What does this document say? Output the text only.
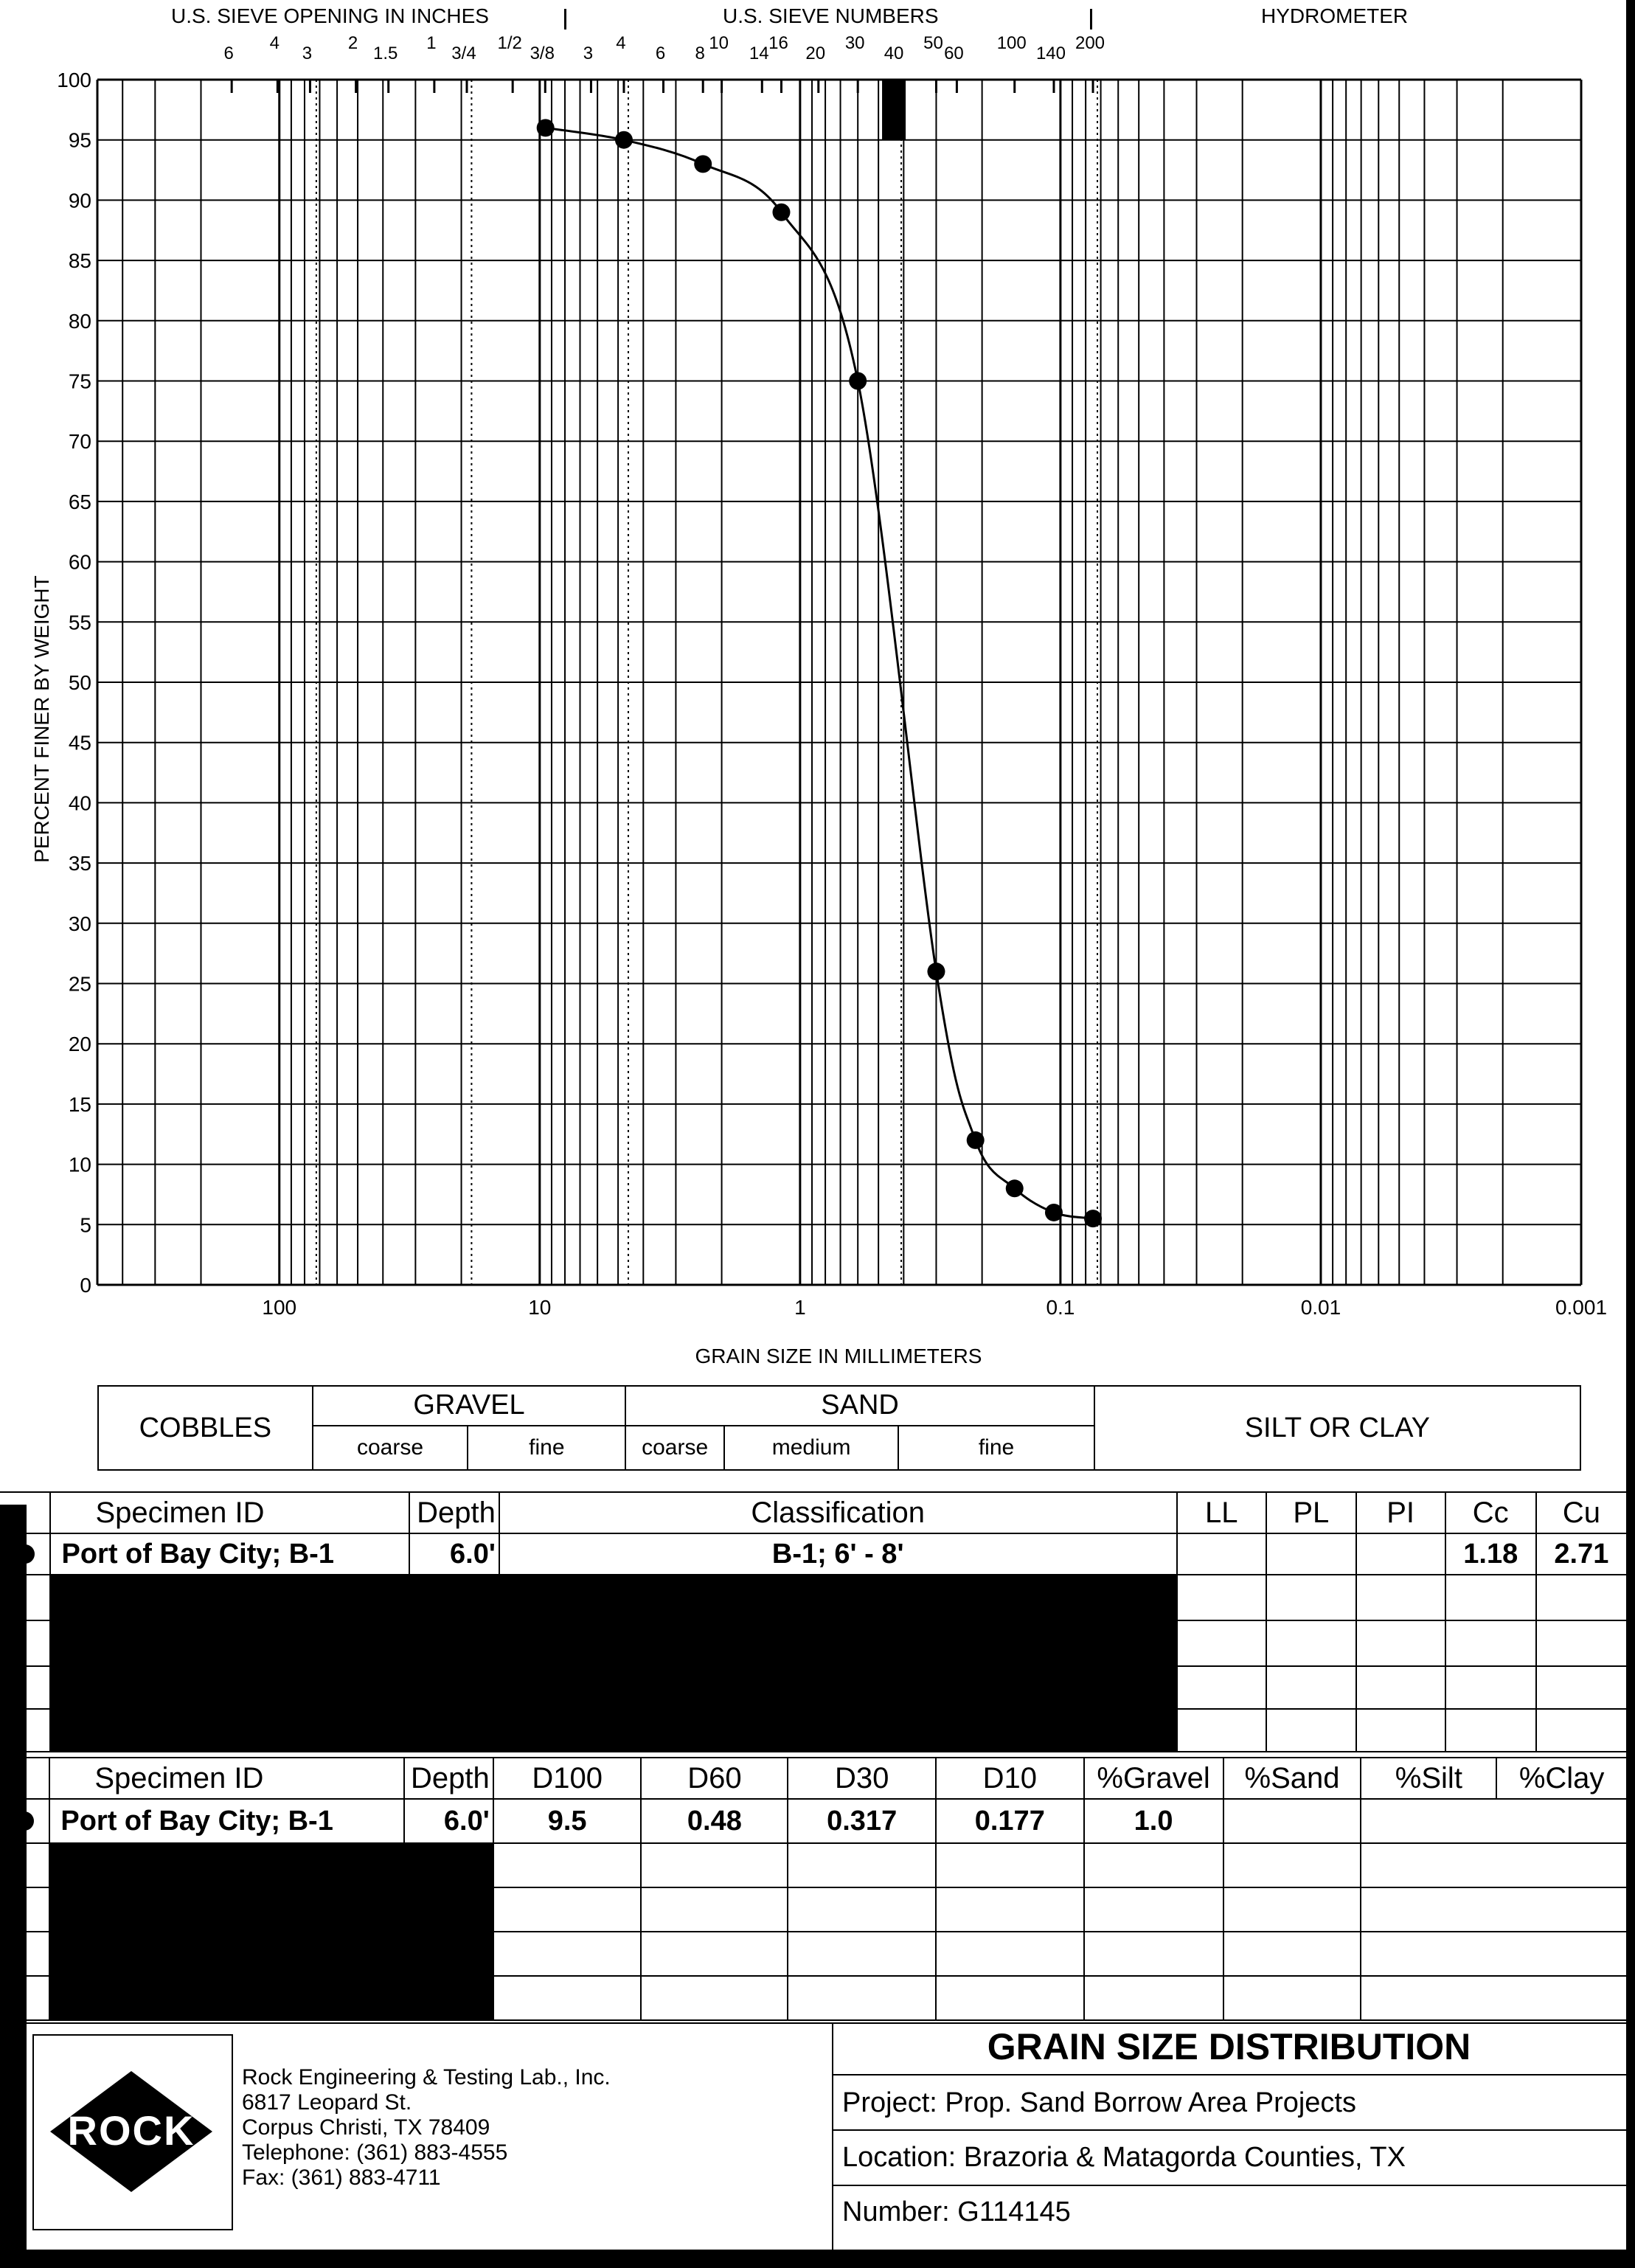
U.S. SIEVE OPENING IN INCHES	U.S. SIEVE NUMBERS	HYDROMETER
100
95
90
85
80
75
70
65
60
55
50
45
40
35
30
25
20
15
10
5
0
100	10	1	0.1	0.01	0.001
6
4
3
2
1.5
1
3/4
1/2
3/8 3
4
6 8
10
14
16
20
30
40
50
60
100
140
200
PERCENT FINER BY WEIGHT
GRAIN SIZE IN MILLIMETERS
COBBLES	GRAVEL		SAND			SILT OR CLAY
	coarse	fine	coarse	medium	fine	
	Specimen ID	Depth	Classification	LL	PL	PI	Cc	Cu
	Port of Bay City; B-1	6.0'	B-1; 6' - 8'				1.18	2.71

	Specimen ID	Depth	D100	D60	D30	D10	%Gravel	%Sand	%Silt	%Clay
	Port of Bay City; B-1	6.0'	9.5	0.48	0.317	0.177	1.0			

ROCK
Rock Engineering & Testing Lab., Inc.
6817 Leopard St.
Corpus Christi, TX 78409
Telephone: (361) 883-4555
Fax: (361) 883-4711
GRAIN SIZE DISTRIBUTION
Project: Prop. Sand Borrow Area Projects
Location: Brazoria & Matagorda Counties, TX
Number: G114145
